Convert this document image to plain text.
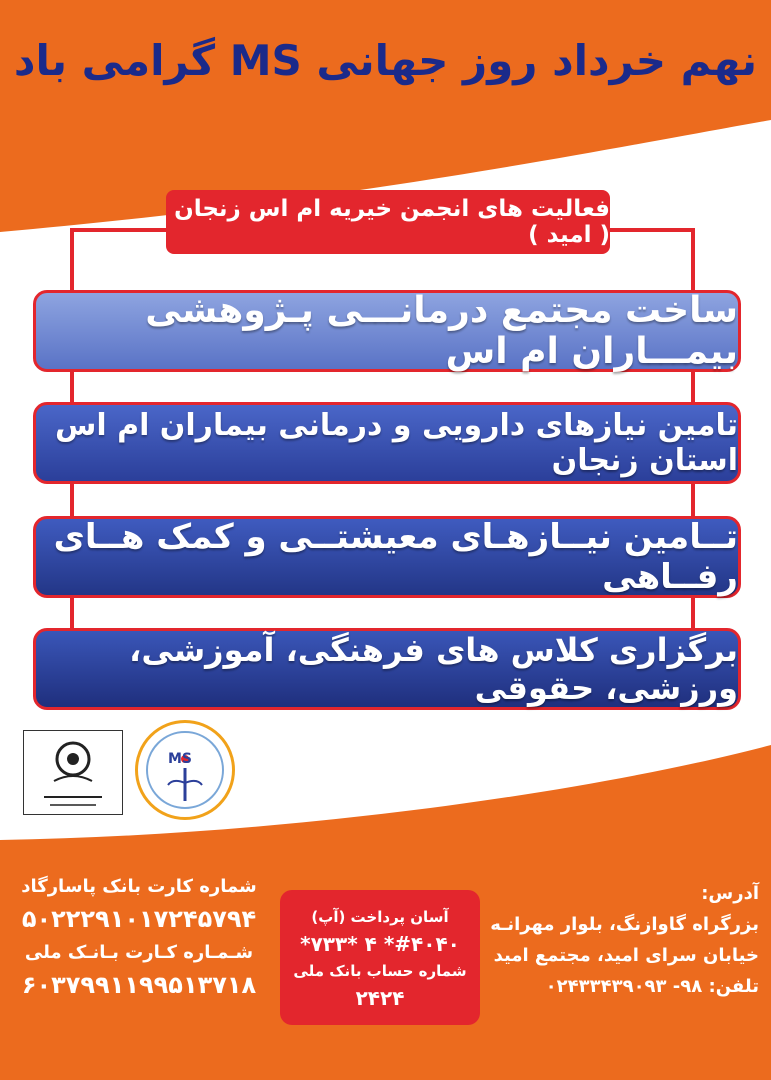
نهم خرداد روز جهانی MS گرامی باد
فعالیت های انجمن خیریه ام اس زنجان ( امید )
ساخت مجتمع درمانـــی پـژوهشی بیمـــاران ام اس
تامین نیازهای دارویی و درمانی بیماران ام اس استان زنجان
تــامین نیــازهـای معیشتــی و کمک هــای رفــاهی
برگزاری کلاس های فرهنگی، آموزشی، ورزشی، حقوقی
MS
آدرس:
بزرگراه گاوازنگ، بلوار مهرانـه
خیابان سرای امید، مجتمع امید
تلفن: ۹۸- ۰۲۴۳۳۴۳۹۰۹۳
آسان پرداخت (آپ)
#۴۰۴۰* ۴ *۷۳۳*
شماره حساب بانک ملی
۲۴۲۴
شماره کارت بانک پاسارگاد
۵۰۲۲۲۹۱۰۱۷۲۴۵۷۹۴
شـمـاره کـارت بـانـک ملی
۶۰۳۷۹۹۱۱۹۹۵۱۳۷۱۸
